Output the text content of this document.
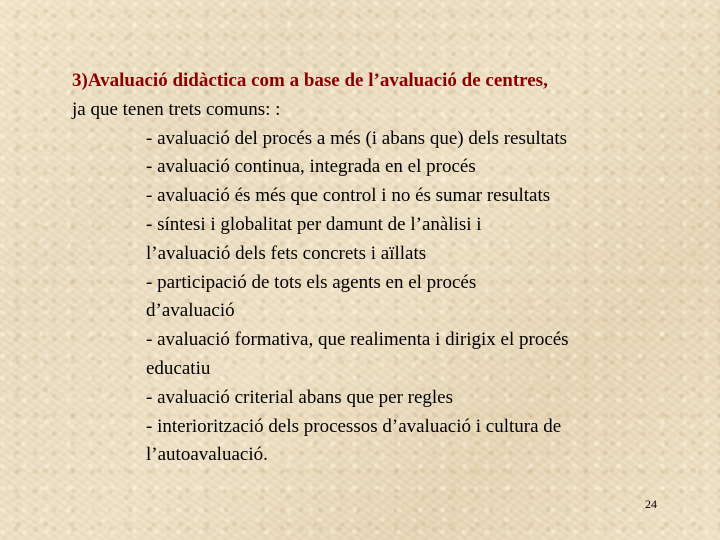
3)Avaluació didàctica com a base de l’avaluació de centres,
ja que tenen trets comuns: :
- avaluació del procés a més (i abans que) dels resultats
- avaluació continua, integrada en el procés
- avaluació és més que control i no és sumar resultats
- síntesi i globalitat per damunt de l’anàlisi i
l’avaluació dels fets concrets i aïllats
- participació de tots els agents en el procés
d’avaluació
- avaluació formativa, que realimenta i dirigix el procés
educatiu
- avaluació criterial abans que per regles
- interiorització dels processos d’avaluació i cultura de
l’autoavaluació.
24
